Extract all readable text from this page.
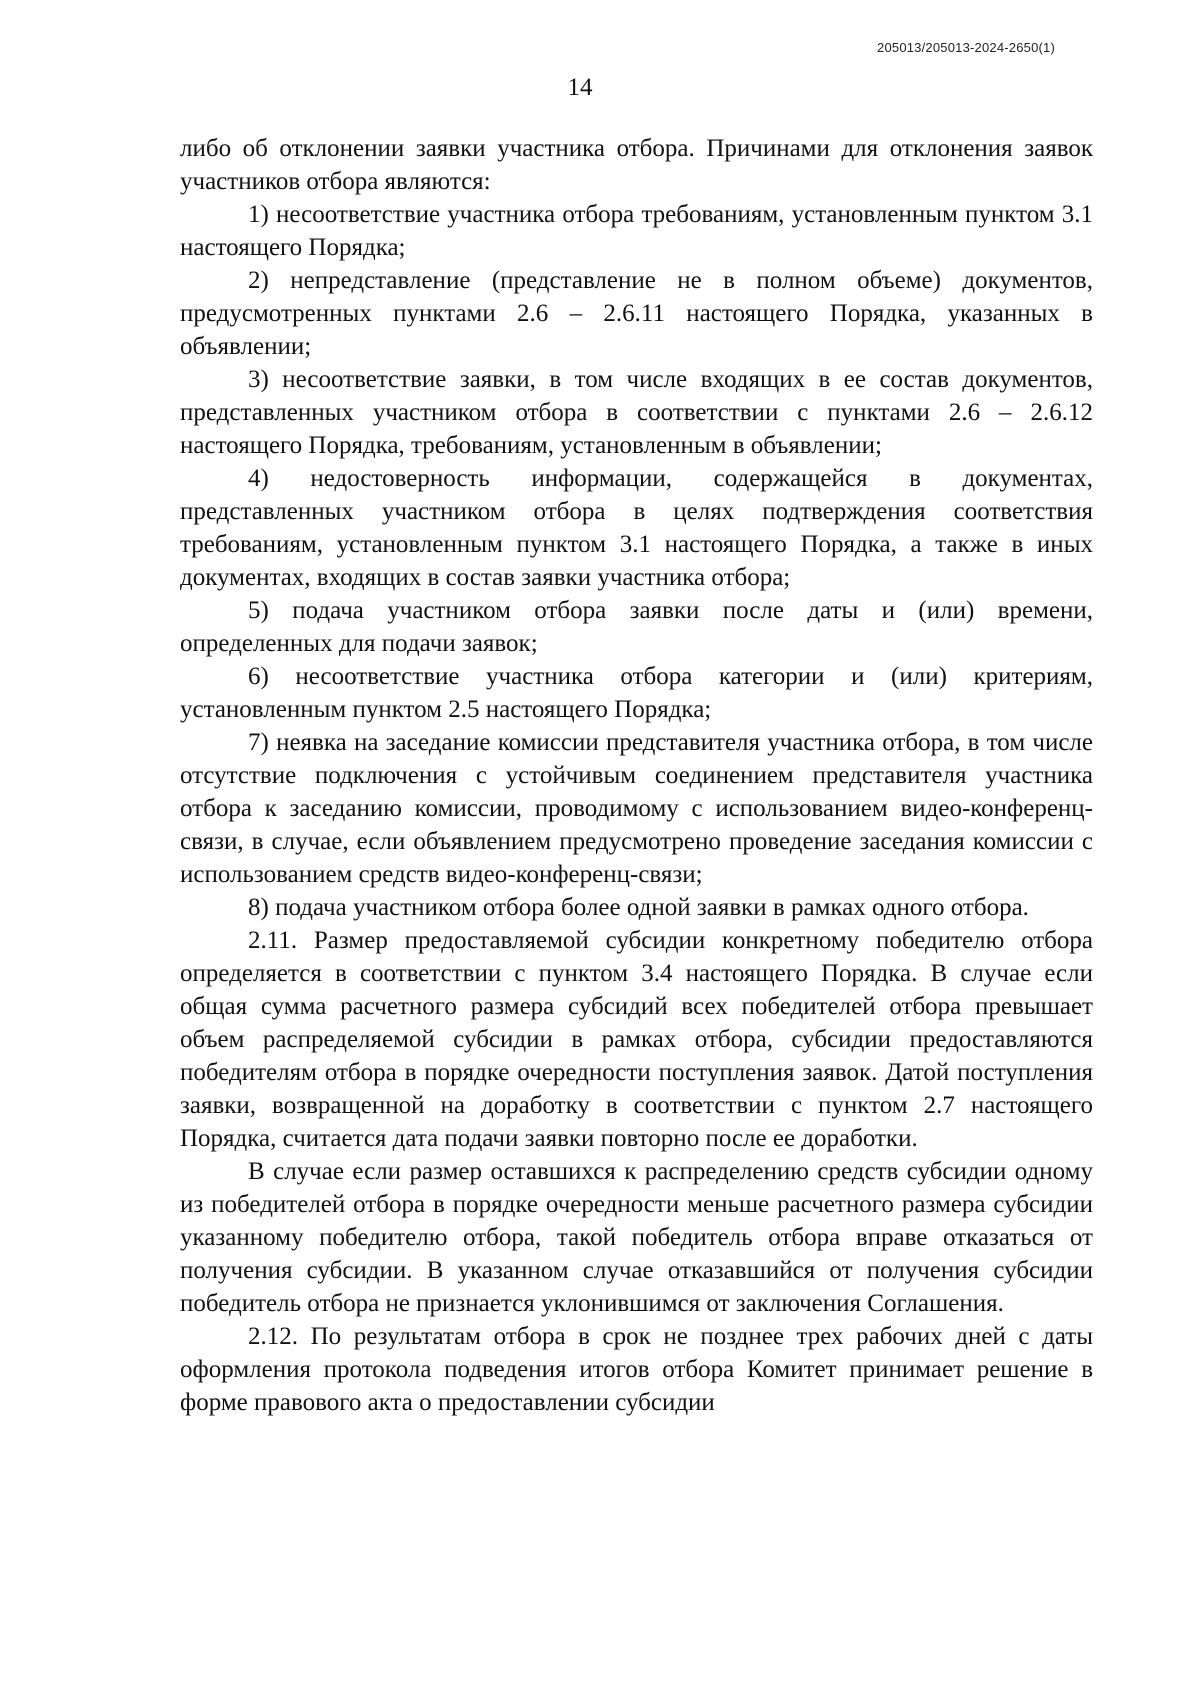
205013/205013-2024-2650(1)
14

либо об отклонении заявки участника отбора. Причинами для отклонения заявок участников отбора являются:

1) несоответствие участника отбора требованиям, установленным пунктом 3.1 настоящего Порядка;

2) непредставление (представление не в полном объеме) документов, предусмотренных пунктами 2.6 – 2.6.11 настоящего Порядка, указанных в объявлении;

3) несоответствие заявки, в том числе входящих в ее состав документов, представленных участником отбора в соответствии с пунктами 2.6 – 2.6.12 настоящего Порядка, требованиям, установленным в объявлении;

4) недостоверность информации, содержащейся в документах, представленных участником отбора в целях подтверждения соответствия требованиям, установленным пунктом 3.1 настоящего Порядка, а также в иных документах, входящих в состав заявки участника отбора;

5) подача участником отбора заявки после даты и (или) времени, определенных для подачи заявок;

6) несоответствие участника отбора категории и (или) критериям, установленным пунктом 2.5 настоящего Порядка;

7) неявка на заседание комиссии представителя участника отбора, в том числе отсутствие подключения с устойчивым соединением представителя участника отбора к заседанию комиссии, проводимому с использованием видео-конференц-связи, в случае, если объявлением предусмотрено проведение заседания комиссии с использованием средств видео-конференц-связи;

8) подача участником отбора более одной заявки в рамках одного отбора.

2.11. Размер предоставляемой субсидии конкретному победителю отбора определяется в соответствии с пунктом 3.4 настоящего Порядка. В случае если общая сумма расчетного размера субсидий всех победителей отбора превышает объем распределяемой субсидии в рамках отбора, субсидии предоставляются победителям отбора в порядке очередности поступления заявок. Датой поступления заявки, возвращенной на доработку в соответствии с пунктом 2.7 настоящего Порядка, считается дата подачи заявки повторно после ее доработки.

В случае если размер оставшихся к распределению средств субсидии одному из победителей отбора в порядке очередности меньше расчетного размера субсидии указанному победителю отбора, такой победитель отбора вправе отказаться от получения субсидии. В указанном случае отказавшийся от получения субсидии победитель отбора не признается уклонившимся от заключения Соглашения.

2.12. По результатам отбора в срок не позднее трех рабочих дней с даты оформления протокола подведения итогов отбора Комитет принимает решение в форме правового акта о предоставлении субсидии
